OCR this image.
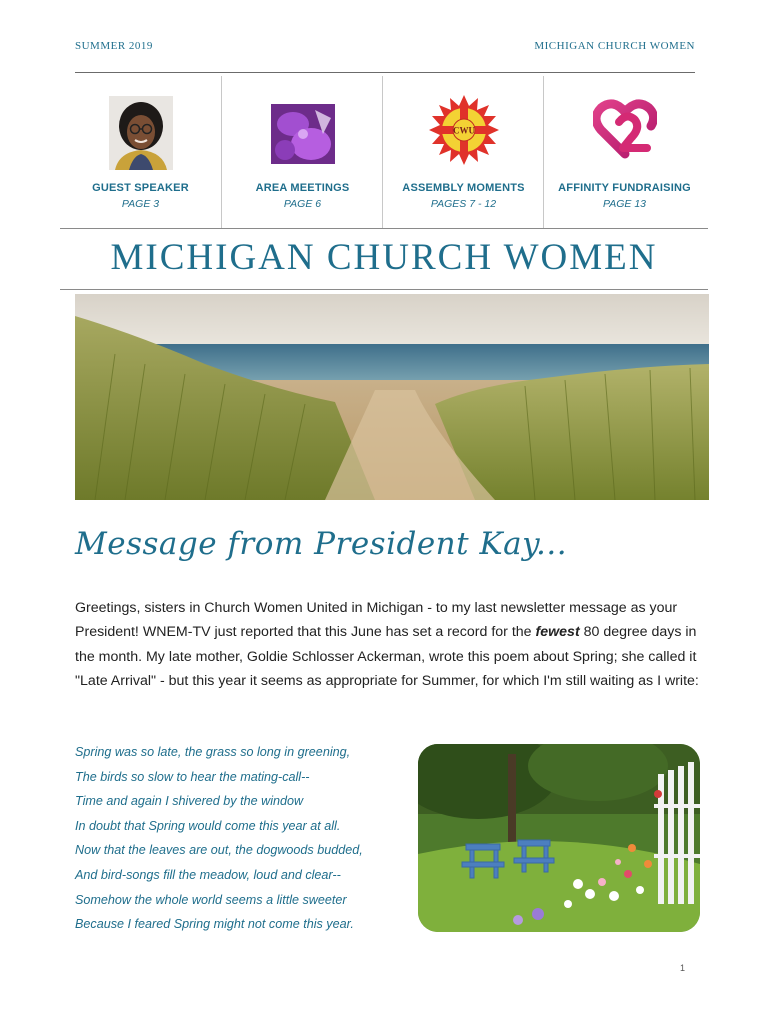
SUMMER 2019	MICHIGAN CHURCH WOMEN
GUEST SPEAKER
PAGE 3
AREA MEETINGS
PAGE 6
CWU
ASSEMBLY MOMENTS
PAGES 7 - 12
AFFINITY FUNDRAISING
PAGE 13
MICHIGAN CHURCH WOMEN
Message from President Kay...
Greetings, sisters in Church Women United in Michigan - to my last newsletter message as your President! WNEM-TV just reported that this June has set a record for the fewest 80 degree days in the month. My late mother, Goldie Schlosser Ackerman, wrote this poem about Spring; she called it "Late Arrival" - but this year it seems as appropriate for Summer, for which I'm still waiting as I write:
Spring was so late, the grass so long in greening,
The birds so slow to hear the mating-call--
Time and again I shivered by the window
In doubt that Spring would come this year at all.
Now that the leaves are out, the dogwoods budded,
And bird-songs fill the meadow, loud and clear--
Somehow the whole world seems a little sweeter
Because I feared Spring might not come this year.
1
